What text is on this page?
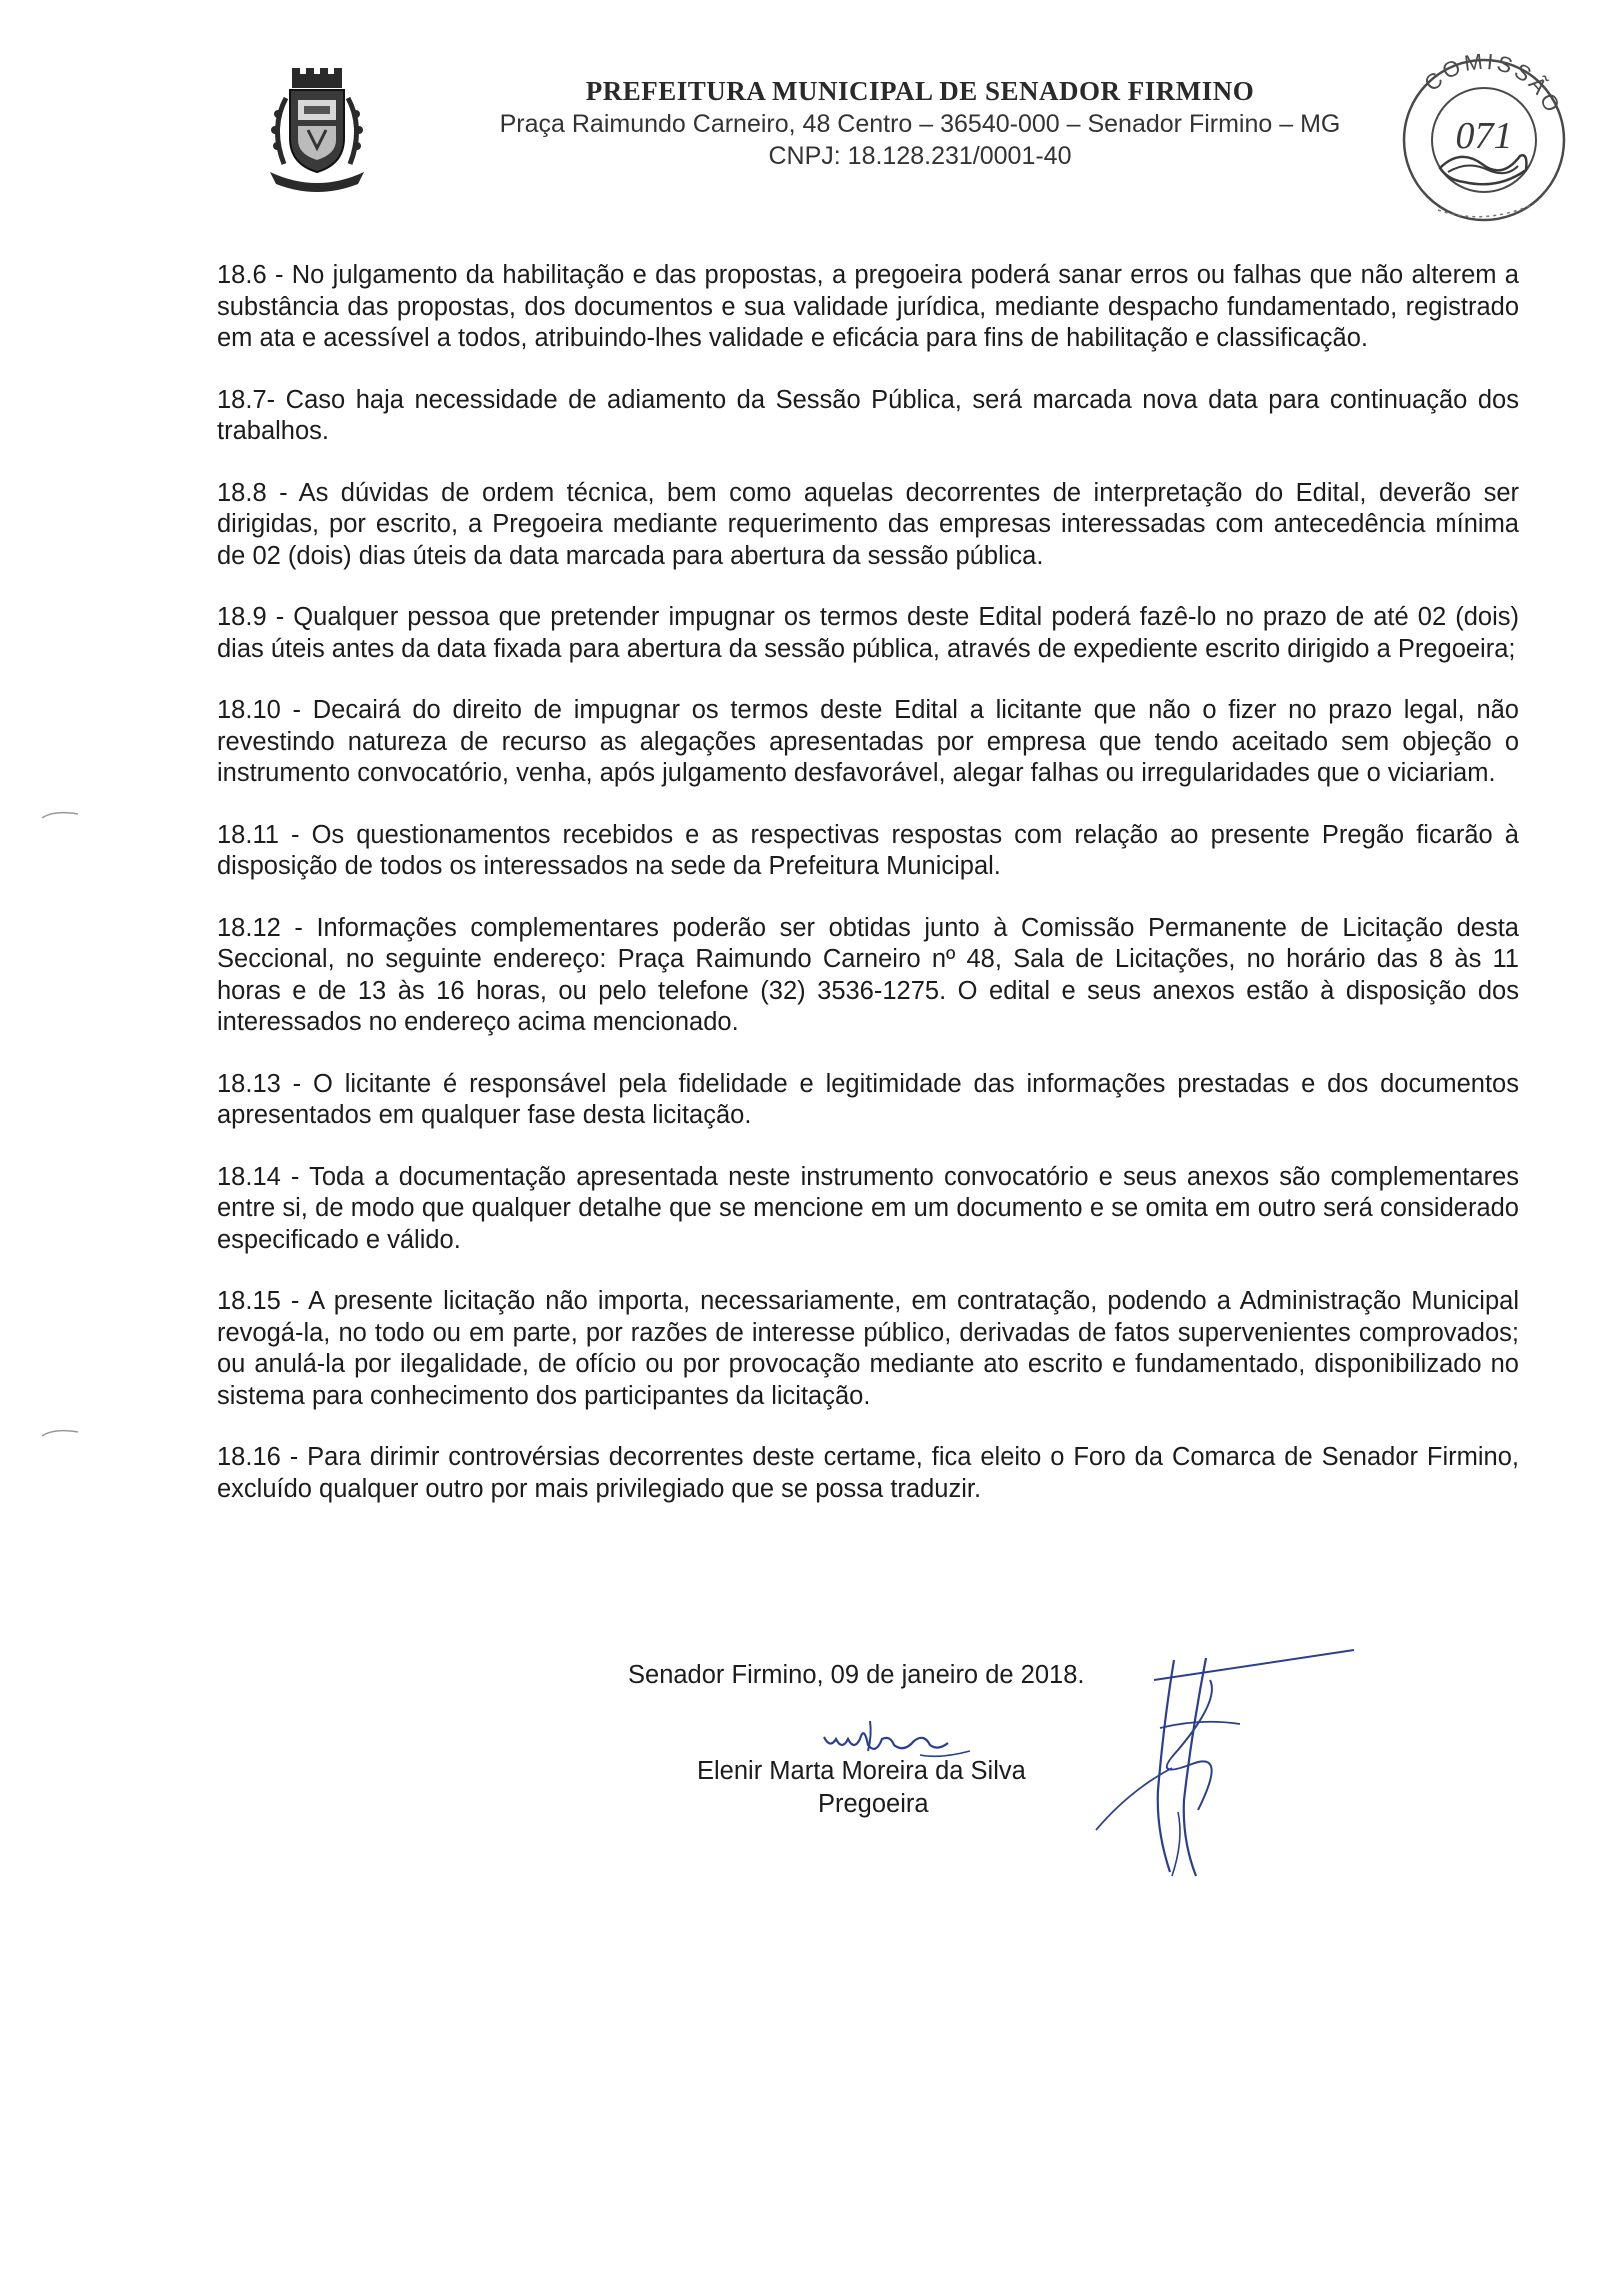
PREFEITURA MUNICIPAL DE SENADOR FIRMINO
Praça Raimundo Carneiro, 48 Centro – 36540-000 – Senador Firmino – MG
CNPJ: 18.128.231/0001-40
COMISSÃO
071

18.6 - No julgamento da habilitação e das propostas, a pregoeira poderá sanar erros ou falhas que não alterem a substância das propostas, dos documentos e sua validade jurídica, mediante despacho fundamentado, registrado em ata e acessível a todos, atribuindo-lhes validade e eficácia para fins de habilitação e classificação.

18.7- Caso haja necessidade de adiamento da Sessão Pública, será marcada nova data para continuação dos trabalhos.

18.8 - As dúvidas de ordem técnica, bem como aquelas decorrentes de interpretação do Edital, deverão ser dirigidas, por escrito, a Pregoeira mediante requerimento das empresas interessadas com antecedência mínima de 02 (dois) dias úteis da data marcada para abertura da sessão pública.

18.9 - Qualquer pessoa que pretender impugnar os termos deste Edital poderá fazê-lo no prazo de até 02 (dois) dias úteis antes da data fixada para abertura da sessão pública, através de expediente escrito dirigido a Pregoeira;

18.10 - Decairá do direito de impugnar os termos deste Edital a licitante que não o fizer no prazo legal, não revestindo natureza de recurso as alegações apresentadas por empresa que tendo aceitado sem objeção o instrumento convocatório, venha, após julgamento desfavorável, alegar falhas ou irregularidades que o viciariam.

18.11 - Os questionamentos recebidos e as respectivas respostas com relação ao presente Pregão ficarão à disposição de todos os interessados na sede da Prefeitura Municipal.

18.12 - Informações complementares poderão ser obtidas junto à Comissão Permanente de Licitação desta Seccional, no seguinte endereço: Praça Raimundo Carneiro nº 48, Sala de Licitações, no horário das 8 às 11 horas e de 13 às 16 horas, ou pelo telefone (32) 3536-1275. O edital e seus anexos estão à disposição dos interessados no endereço acima mencionado.

18.13 - O licitante é responsável pela fidelidade e legitimidade das informações prestadas e dos documentos apresentados em qualquer fase desta licitação.

18.14 - Toda a documentação apresentada neste instrumento convocatório e seus anexos são complementares entre si, de modo que qualquer detalhe que se mencione em um documento e se omita em outro será considerado especificado e válido.

18.15 - A presente licitação não importa, necessariamente, em contratação, podendo a Administração Municipal revogá-la, no todo ou em parte, por razões de interesse público, derivadas de fatos supervenientes comprovados; ou anulá-la por ilegalidade, de ofício ou por provocação mediante ato escrito e fundamentado, disponibilizado no sistema para conhecimento dos participantes da licitação.

18.16 - Para dirimir controvérsias decorrentes deste certame, fica eleito o Foro da Comarca de Senador Firmino, excluído qualquer outro por mais privilegiado que se possa traduzir.

Senador Firmino, 09 de janeiro de 2018.
Elenir Marta Moreira da Silva
Pregoeira
